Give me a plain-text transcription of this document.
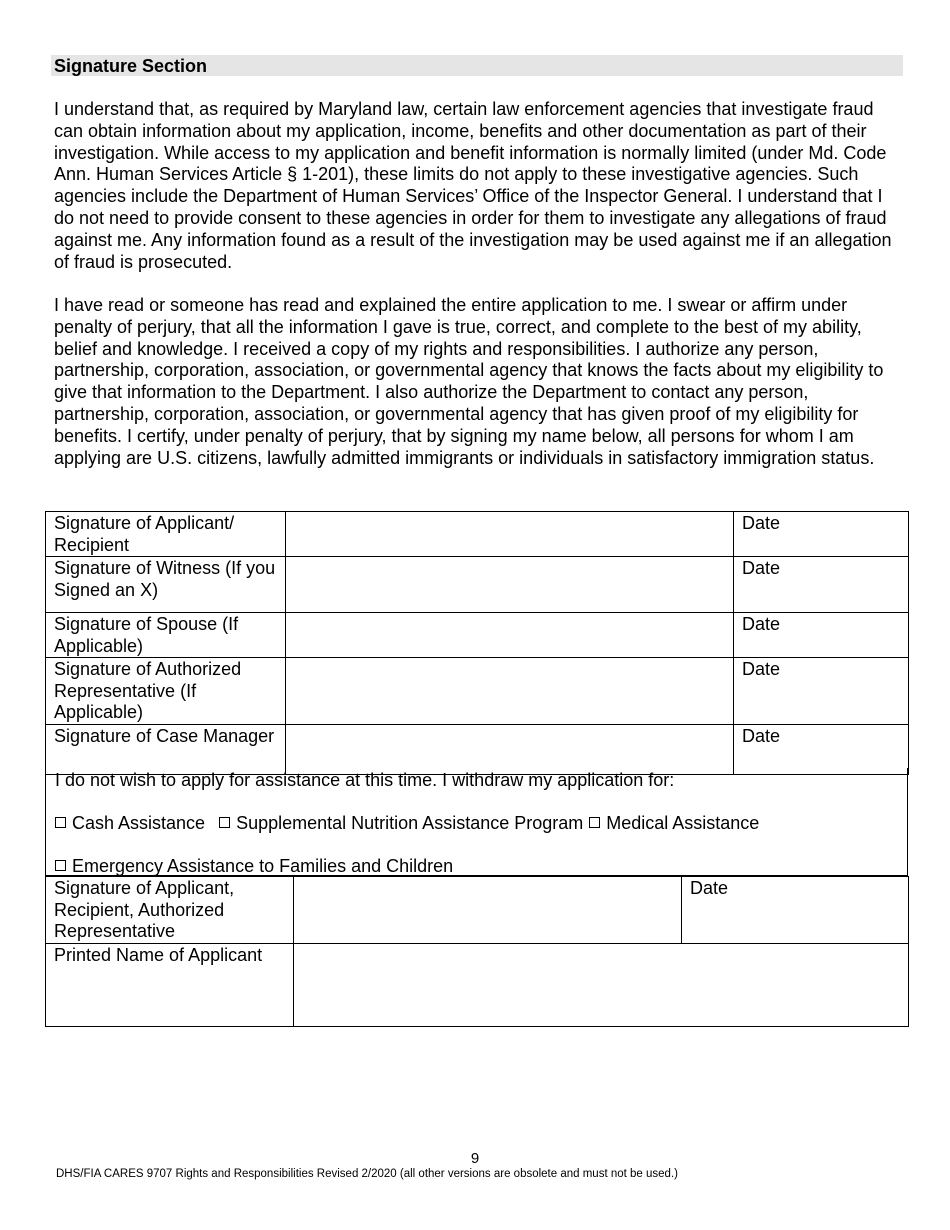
Signature Section
I understand that, as required by Maryland law, certain law enforcement agencies that investigate fraud can obtain information about my application, income, benefits and other documentation as part of their investigation. While access to my application and benefit information is normally limited (under Md. Code Ann. Human Services Article § 1-201), these limits do not apply to these investigative agencies. Such agencies include the Department of Human Services’ Office of the Inspector General. I understand that I do not need to provide consent to these agencies in order for them to investigate any allegations of fraud against me. Any information found as a result of the investigation may be used against me if an allegation of fraud is prosecuted.
I have read or someone has read and explained the entire application to me. I swear or affirm under penalty of perjury, that all the information I gave is true, correct, and complete to the best of my ability, belief and knowledge. I received a copy of my rights and responsibilities. I authorize any person, partnership, corporation, association, or governmental agency that knows the facts about my eligibility to give that information to the Department. I also authorize the Department to contact any person, partnership, corporation, association, or governmental agency that has given proof of my eligibility for benefits. I certify, under penalty of perjury, that by signing my name below, all persons for whom I am applying are U.S. citizens, lawfully admitted immigrants or individuals in satisfactory immigration status.
Signature of Applicant/ Recipient		Date
Signature of Witness (If you Signed an X)		Date
Signature of Spouse (If Applicable)		Date
Signature of Authorized Representative (If Applicable)		Date
Signature of Case Manager		Date
I do not wish to apply for assistance at this time. I withdraw my application for:
Cash Assistance Supplemental Nutrition Assistance Program Medical Assistance
Emergency Assistance to Families and Children
Signature of Applicant, Recipient, Authorized Representative		Date
Printed Name of Applicant		
9
DHS/FIA CARES 9707 Rights and Responsibilities Revised 2/2020 (all other versions are obsolete and must not be used.)
